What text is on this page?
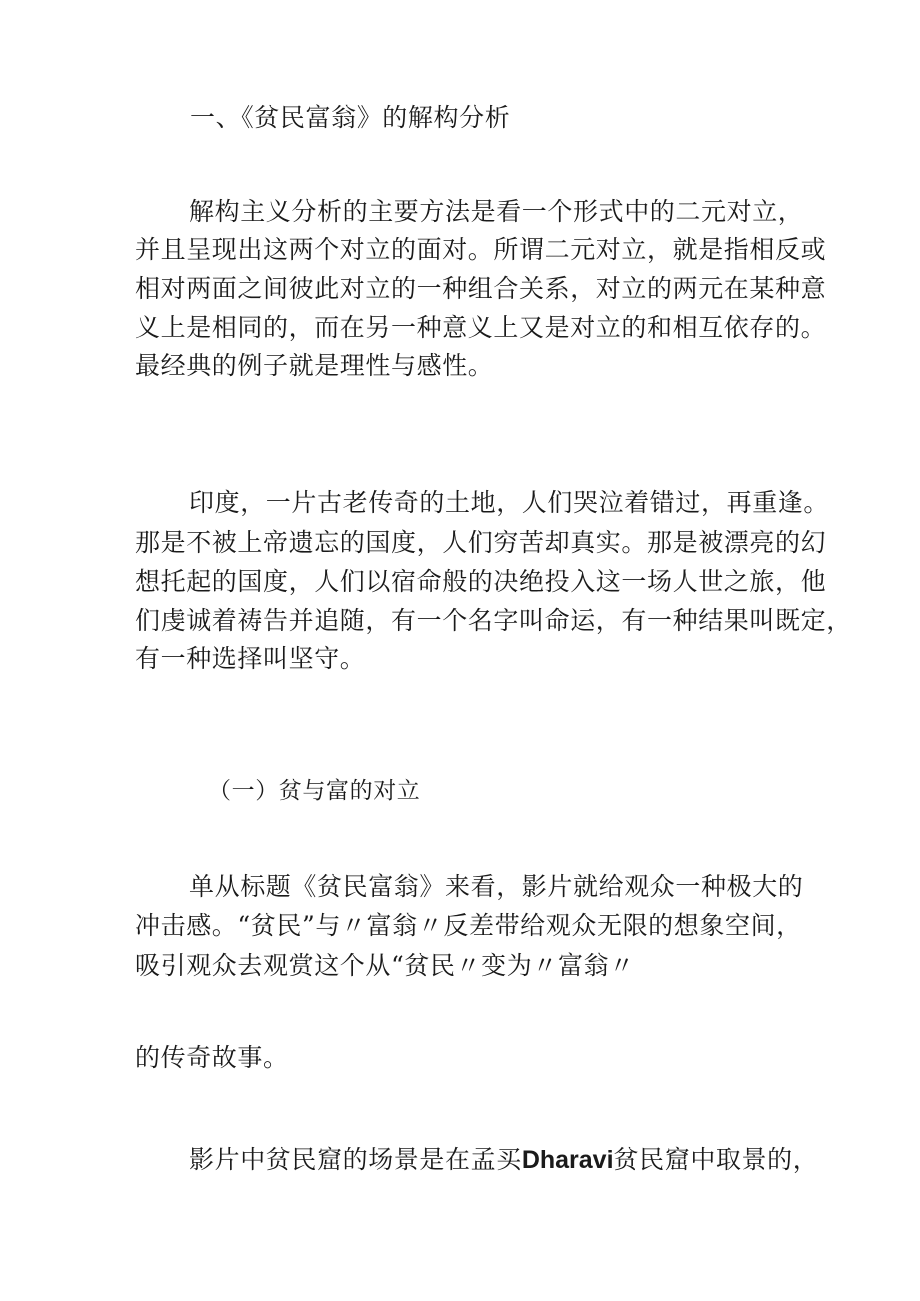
一、《贫民富翁》的解构分析
解构主义分析的主要方法是看一个形式中的二元对立，
并且呈现出这两个对立的面对。所谓二元对立，就是指相反或
相对两面之间彼此对立的一种组合关系，对立的两元在某种意
义上是相同的，而在另一种意义上又是对立的和相互依存的。
最经典的例子就是理性与感性。
印度，一片古老传奇的土地，人们哭泣着错过，再重逢。
那是不被上帝遗忘的国度，人们穷苦却真实。那是被漂亮的幻
想托起的国度，人们以宿命般的决绝投入这一场人世之旅，他
们虔诚着祷告并追随，有一个名字叫命运，有一种结果叫既定，
有一种选择叫坚守。
（一）贫与富的对立
单从标题《贫民富翁》来看，影片就给观众一种极大的
冲击感。“贫民”与〃富翁〃反差带给观众无限的想象空间，
吸引观众去观赏这个从“贫民〃变为〃富翁〃
的传奇故事。
影片中贫民窟的场景是在孟买Dharavi贫民窟中取景的，
